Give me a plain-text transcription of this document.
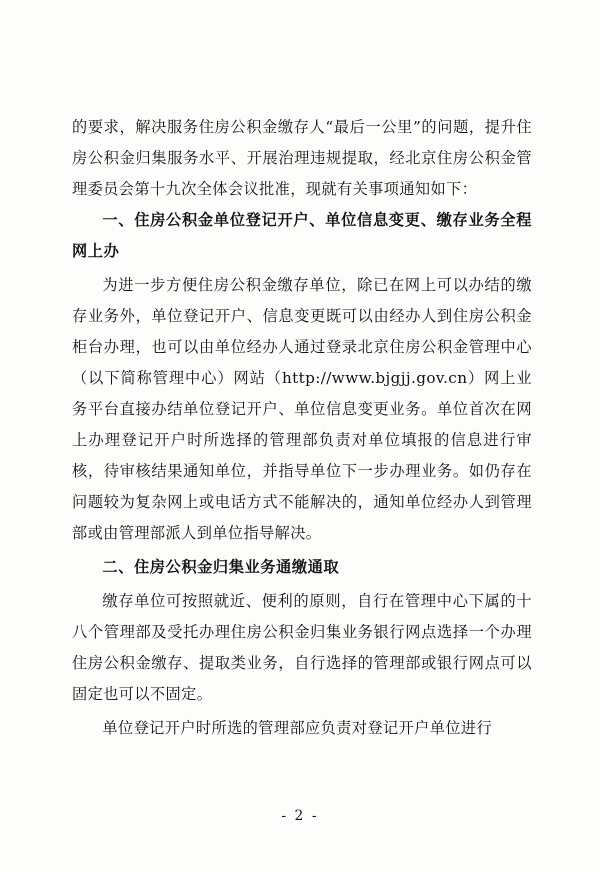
的要求，解决服务住房公积金缴存人“最后一公里”的问题，提升住房公积金归集服务水平、开展治理违规提取，经北京住房公积金管理委员会第十九次全体会议批准，现就有关事项通知如下：

一、住房公积金单位登记开户、单位信息变更、缴存业务全程网上办

为进一步方便住房公积金缴存单位，除已在网上可以办结的缴存业务外，单位登记开户、信息变更既可以由经办人到住房公积金柜台办理，也可以由单位经办人通过登录北京住房公积金管理中心（以下简称管理中心）网站（http://www.bjgjj.gov.cn）网上业务平台直接办结单位登记开户、单位信息变更业务。单位首次在网上办理登记开户时所选择的管理部负责对单位填报的信息进行审核，待审核结果通知单位，并指导单位下一步办理业务。如仍存在问题较为复杂网上或电话方式不能解决的，通知单位经办人到管理部或由管理部派人到单位指导解决。

二、住房公积金归集业务通缴通取

缴存单位可按照就近、便利的原则，自行在管理中心下属的十八个管理部及受托办理住房公积金归集业务银行网点选择一个办理住房公积金缴存、提取类业务，自行选择的管理部或银行网点可以固定也可以不固定。

单位登记开户时所选的管理部应负责对登记开户单位进行

- 2 -
